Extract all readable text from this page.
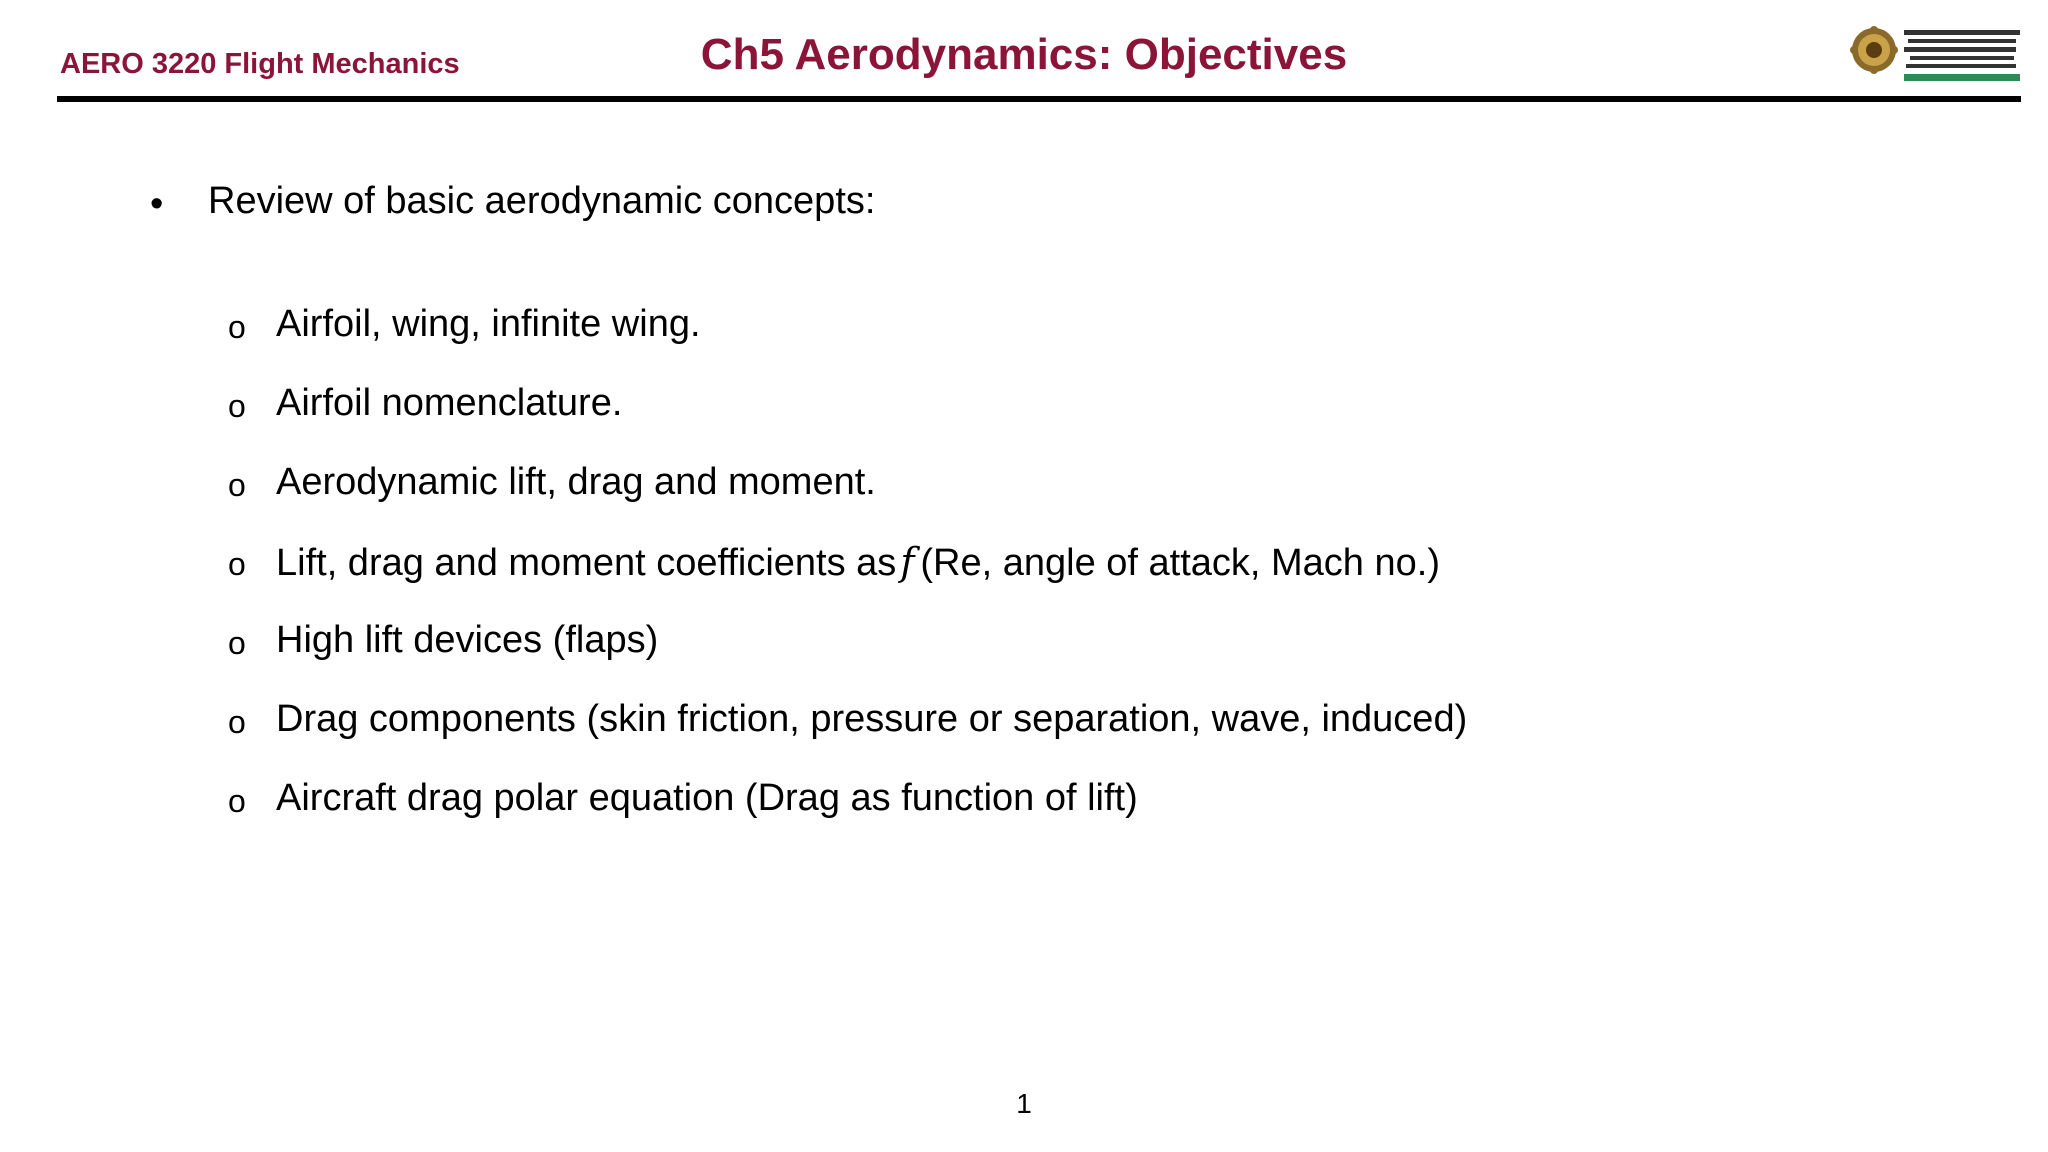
AERO 3220 Flight Mechanics	Ch5 Aerodynamics: Objectives
• Review of basic aerodynamic concepts:
o Airfoil, wing, infinite wing.
o Airfoil nomenclature.
o Aerodynamic lift, drag and moment.
o Lift, drag and moment coefficients as f (Re, angle of attack, Mach no.)
o High lift devices (flaps)
o Drag components (skin friction, pressure or separation, wave, induced)
o Aircraft drag polar equation (Drag as function of lift)
1
